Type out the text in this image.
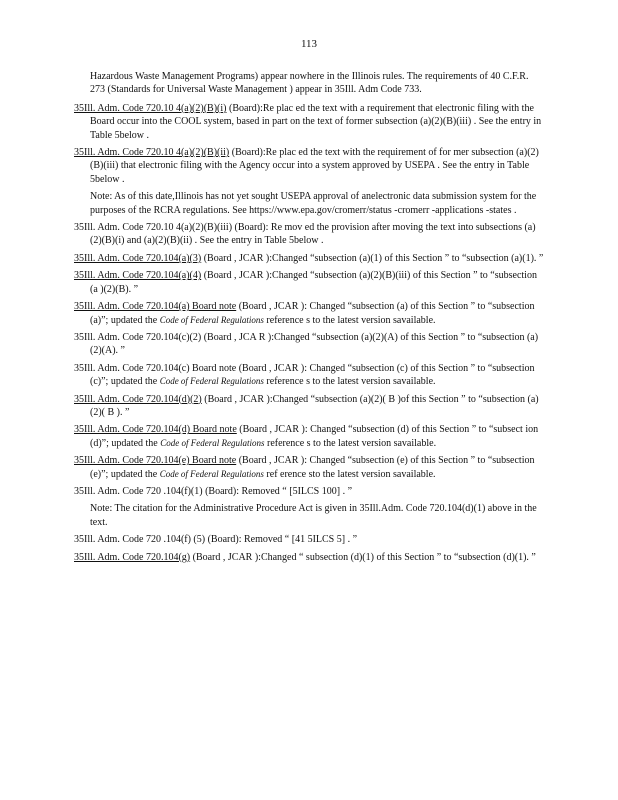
113

Hazardous Waste Management Programs) appear nowhere in the Illinois rules. The requirements of 40 C.F.R. 273 (Standards for Universal Waste Management ) appear in 35Ill. Adm Code 733.

35Ill. Adm. Code 720.10 4(a)(2)(B)(i) (Board):Re plac ed the text with a requirement that electronic filing with the Board occur into the COOL system, based in part on the text of former subsection (a)(2)(B)(iii) . See the entry in Table 5below .

35Ill. Adm. Code 720.10 4(a)(2)(B)(ii) (Board):Re plac ed the text with the requirement of for mer subsection (a)(2)(B)(iii) that electronic filing with the Agency occur into a system approved by USEPA . See the entry in Table 5below .

Note: As of this date,Illinois has not yet sought USEPA approval of anelectronic data submission system for the purposes of the RCRA regulations. See https://www.epa.gov/cromerr/status -cromerr -applications -states .

35Ill. Adm. Code 720.10 4(a)(2)(B)(iii) (Board): Re mov ed the provision after moving the text into subsections (a)(2)(B)(i) and (a)(2)(B)(ii) . See the entry in Table 5below .

35Ill. Adm. Code 720.104(a)(3) (Board , JCAR ):Changed “subsection (a)(1) of this Section ” to “subsection (a)(1). ”

35Ill. Adm. Code 720.104(a)(4) (Board , JCAR ):Changed “subsection (a)(2)(B)(iii) of this Section ” to “subsection (a )(2)(B). ”

35Ill. Adm. Code 720.104(a) Board note (Board , JCAR ): Changed “subsection (a) of this Section ” to “subsection (a)”; updated the Code of Federal Regulations reference s to the latest version savailable.

35Ill. Adm. Code 720.104(c)(2) (Board , JCA R ):Changed “subsection (a)(2)(A) of this Section ” to “subsection (a)(2)(A). ”

35Ill. Adm. Code 720.104(c) Board note (Board , JCAR ): Changed “subsection (c) of this Section ” to “subsection (c)”; updated the Code of Federal Regulations reference s to the latest version savailable.

35Ill. Adm. Code 720.104(d)(2) (Board , JCAR ):Changed “subsection (a)(2)( B )of this Section ” to “subsection (a)(2)( B ). ”

35Ill. Adm. Code 720.104(d) Board note (Board , JCAR ): Changed “subsection (d) of this Section ” to “subsect ion (d)”; updated the Code of Federal Regulations reference s to the latest version savailable.

35Ill. Adm. Code 720.104(e) Board note (Board , JCAR ): Changed “subsection (e) of this Section ” to “subsection (e)”; updated the Code of Federal Regulations ref erence sto the latest version savailable.

35Ill. Adm. Code 720 .104(f)(1) (Board): Removed “ [5ILCS 100] . ”

Note: The citation for the Administrative Procedure Act is given in 35Ill.Adm. Code 720.104(d)(1) above in the text.

35Ill. Adm. Code 720 .104(f) (5) (Board): Removed “ [41 5ILCS 5] . ”

35Ill. Adm. Code 720.104(g) (Board , JCAR ):Changed “ subsection (d)(1) of this Section ” to “subsection (d)(1). ”
